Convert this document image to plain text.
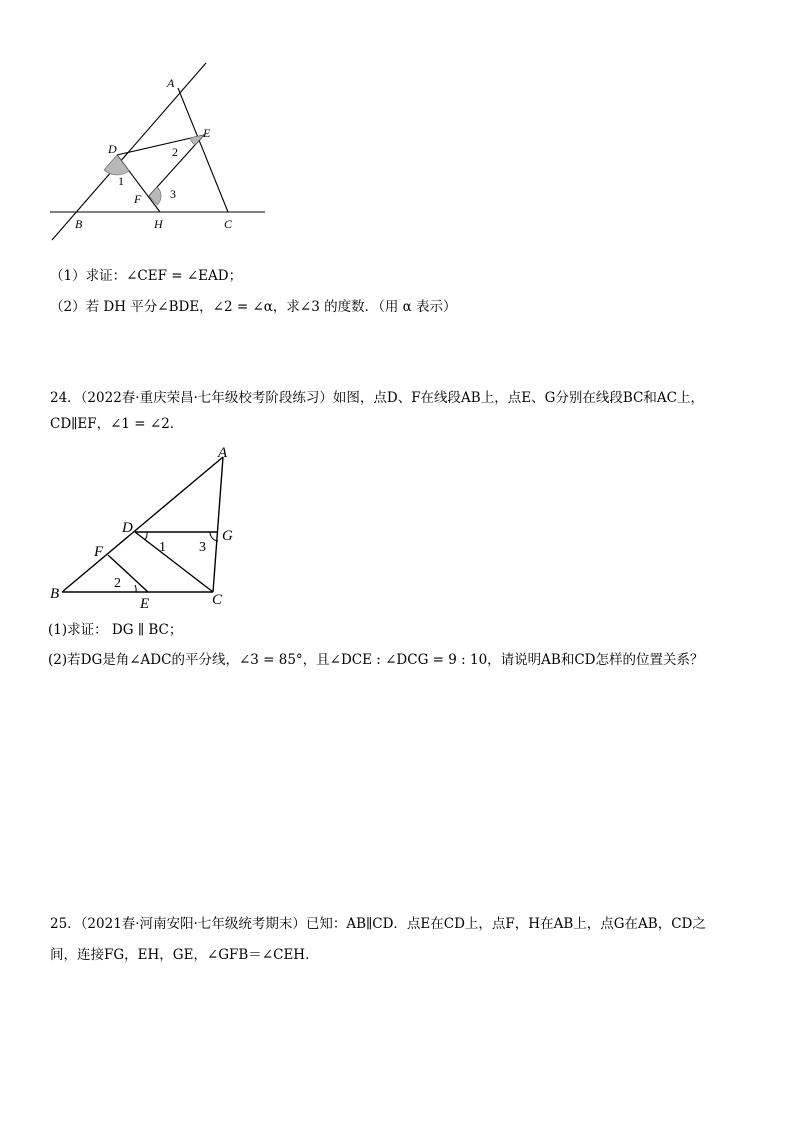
A
D
E
F
B	H	C
1
2
3
（1）求证：∠CEF = ∠EAD；
（2）若 DH 平分∠BDE，∠2 = ∠α，求∠3 的度数．（用 α 表示）
24．（2022春·重庆荣昌·七年级校考阶段练习）如图，点D、F在线段AB上，点E、G分别在线段BC和AC上，
CD∥EF，∠1 = ∠2．
A
D	G
F
B
E	C
1
2
3
(1)求证： DG ∥ BC；
(2)若DG是角∠ADC的平分线，∠3 = 85°，且∠DCE : ∠DCG = 9 : 10，请说明AB和CD怎样的位置关系？
25．（2021春·河南安阳·七年级统考期末）已知：AB∥CD．点E在CD上，点F，H在AB上，点G在AB，CD之
间，连接FG，EH，GE，∠GFB＝∠CEH．
